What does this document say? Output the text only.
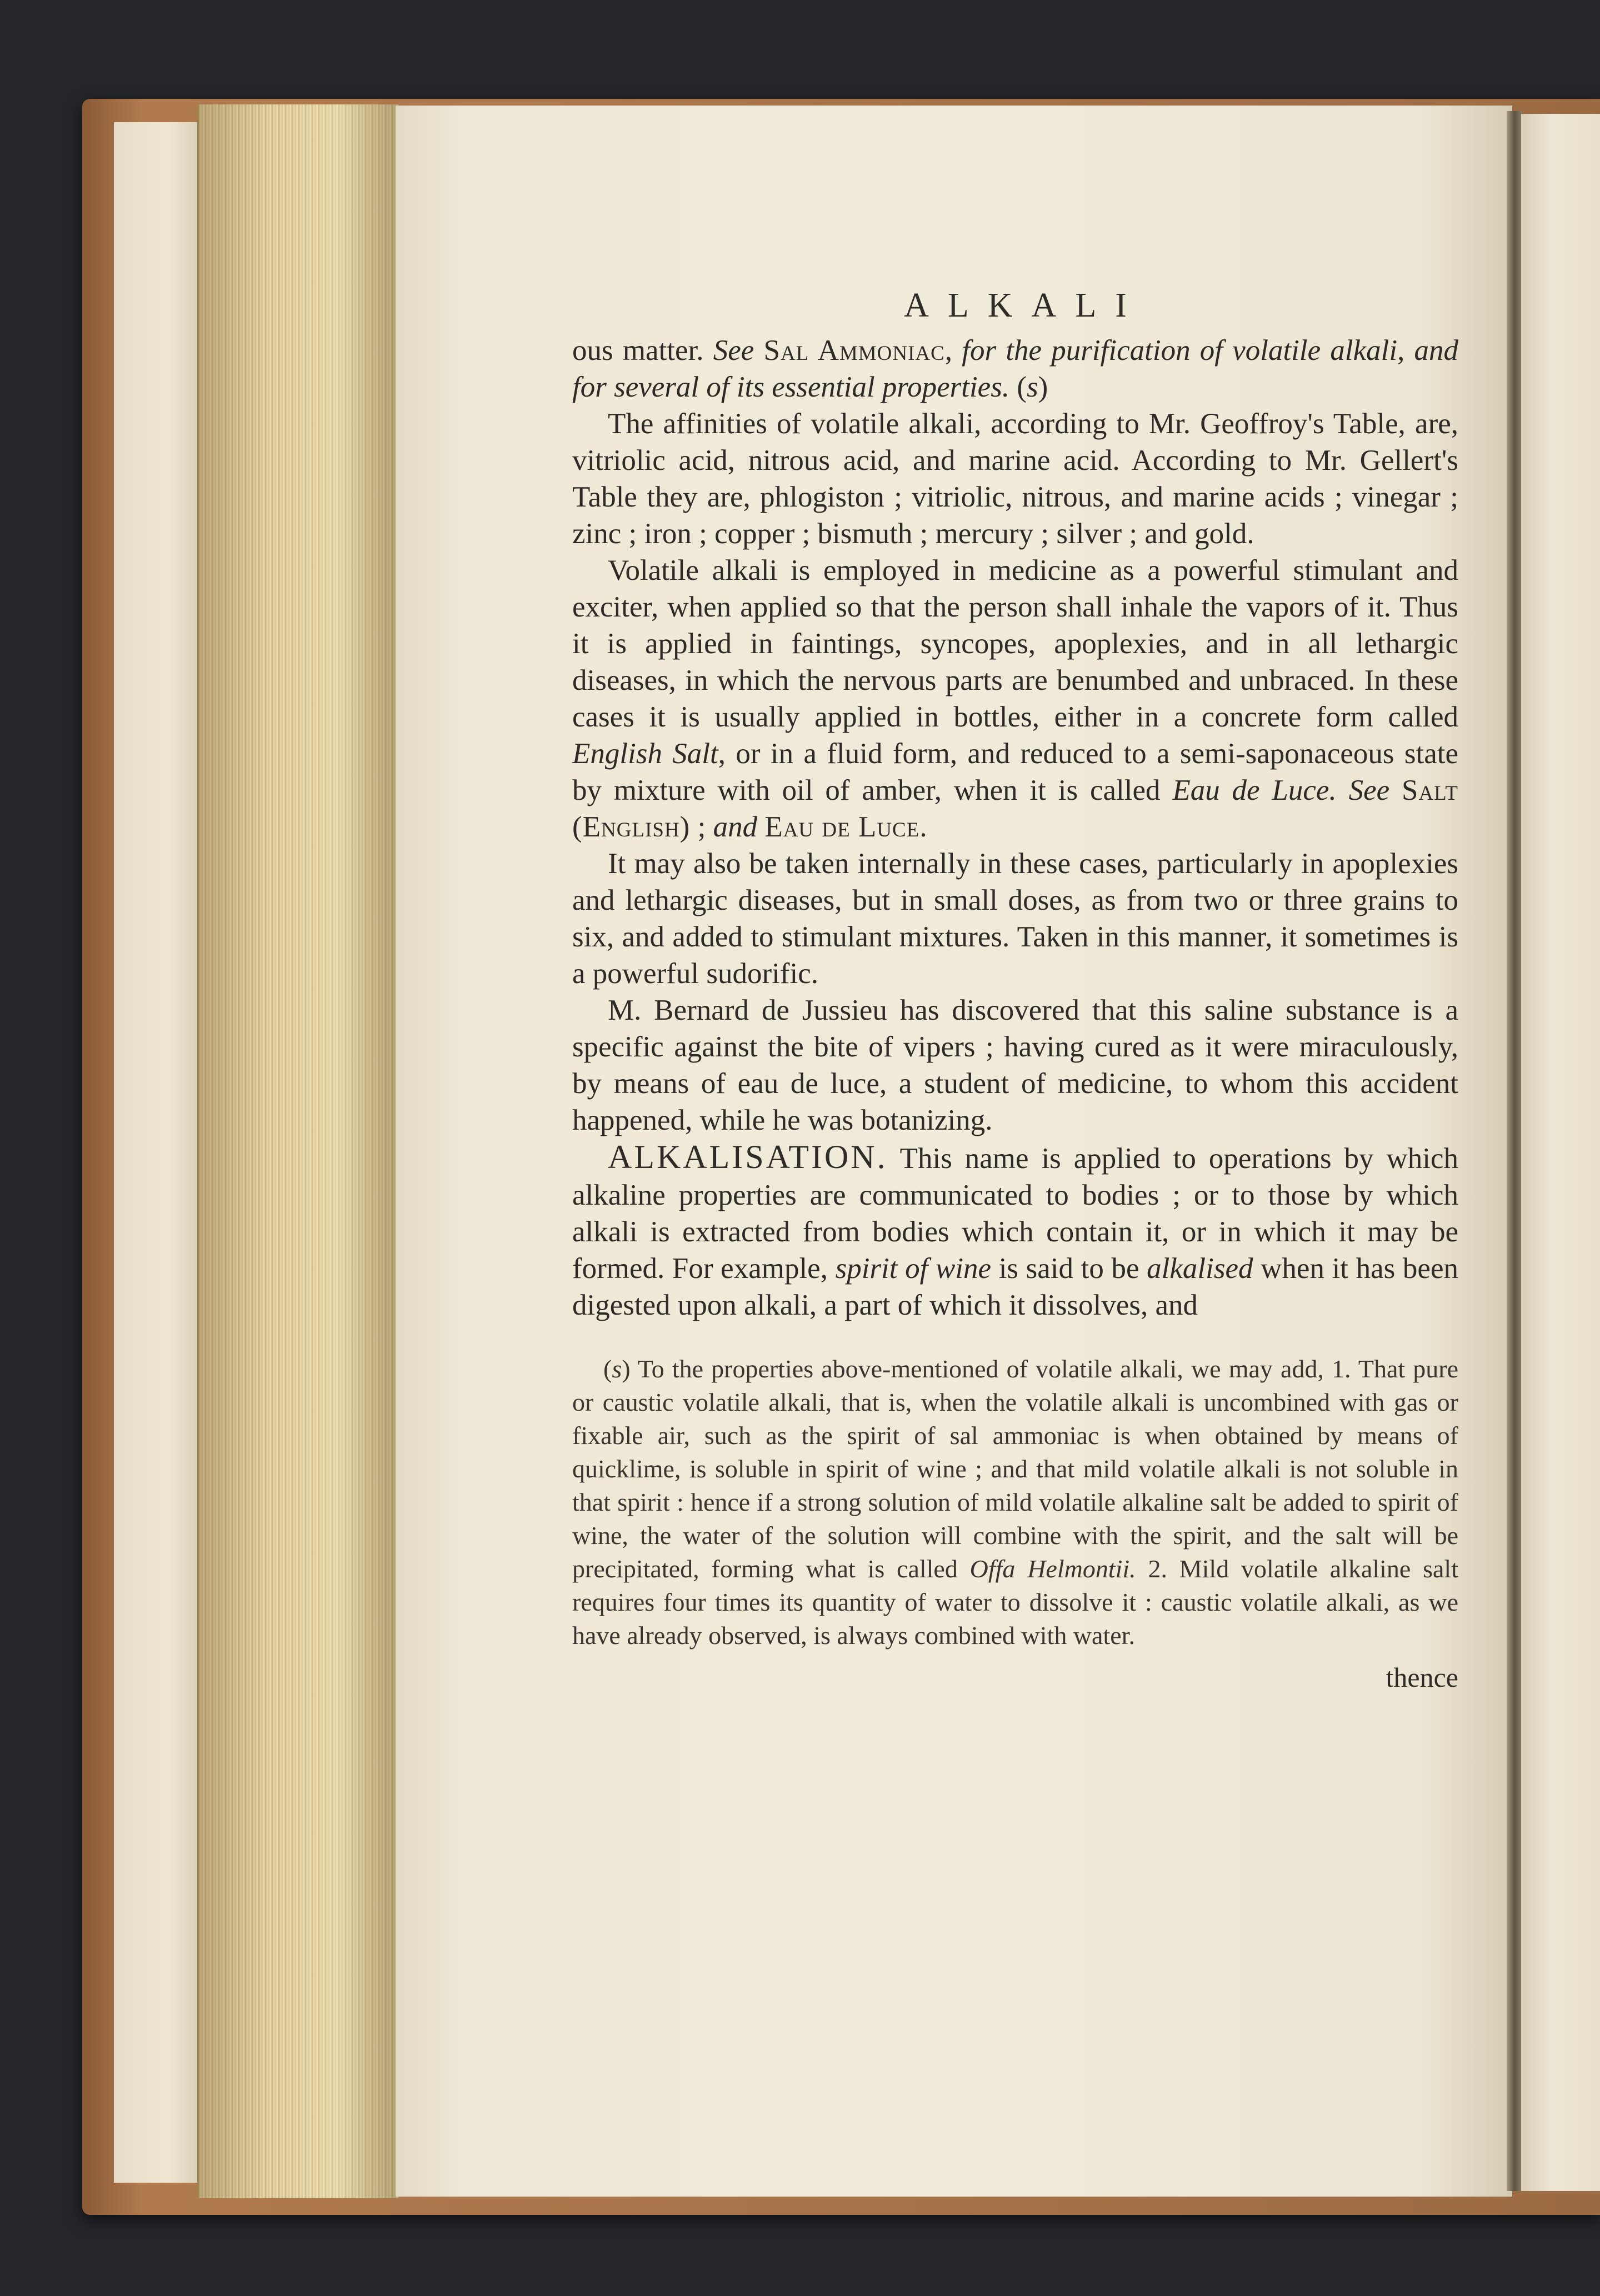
ALKALI

ous matter. See Sal Ammoniac, for the purification of volatile alkali, and for several of its essential properties. (s)

The affinities of volatile alkali, according to Mr. Geoffroy's Table, are, vitriolic acid, nitrous acid, and marine acid. According to Mr. Gellert's Table they are, phlogiston ; vitriolic, nitrous, and marine acids ; vinegar ; zinc ; iron ; copper ; bismuth ; mercury ; silver ; and gold.

Volatile alkali is employed in medicine as a powerful stimulant and exciter, when applied so that the person shall inhale the vapors of it. Thus it is applied in faintings, syncopes, apoplexies, and in all lethargic diseases, in which the nervous parts are benumbed and unbraced. In these cases it is usually applied in bottles, either in a concrete form called English Salt, or in a fluid form, and reduced to a semi-saponaceous state by mixture with oil of amber, when it is called Eau de Luce. See Salt (English) ; and Eau de Luce.

It may also be taken internally in these cases, particularly in apoplexies and lethargic diseases, but in small doses, as from two or three grains to six, and added to stimulant mixtures. Taken in this manner, it sometimes is a powerful sudorific.

M. Bernard de Jussieu has discovered that this saline substance is a specific against the bite of vipers ; having cured as it were miraculously, by means of eau de luce, a student of medicine, to whom this accident happened, while he was botanizing.

ALKALISATION. This name is applied to operations by which alkaline properties are communicated to bodies ; or to those by which alkali is extracted from bodies which contain it, or in which it may be formed. For example, spirit of wine is said to be alkalised when it has been digested upon alkali, a part of which it dissolves, and

(s) To the properties above-mentioned of volatile alkali, we may add, 1. That pure or caustic volatile alkali, that is, when the volatile alkali is uncombined with gas or fixable air, such as the spirit of sal ammoniac is when obtained by means of quicklime, is soluble in spirit of wine ; and that mild volatile alkali is not soluble in that spirit : hence if a strong solution of mild volatile alkaline salt be added to spirit of wine, the water of the solution will combine with the spirit, and the salt will be precipitated, forming what is called Offa Helmontii. 2. Mild volatile alkaline salt requires four times its quantity of water to dissolve it : caustic volatile alkali, as we have already observed, is always combined with water.

thence
